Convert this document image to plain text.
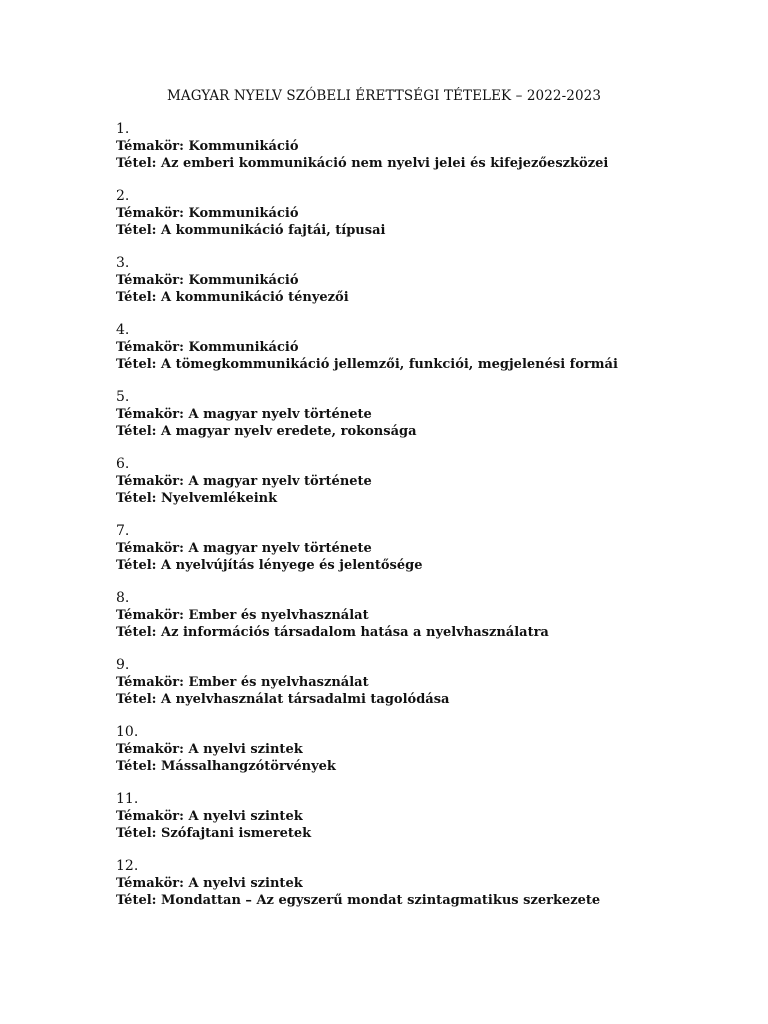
MAGYAR NYELV SZÓBELI ÉRETTSÉGI TÉTELEK – 2022-2023
1.
Témakör: Kommunikáció
Tétel: Az emberi kommunikáció nem nyelvi jelei és kifejezőeszközei
2.
Témakör: Kommunikáció
Tétel: A kommunikáció fajtái, típusai
3.
Témakör: Kommunikáció
Tétel: A kommunikáció tényezői
4.
Témakör: Kommunikáció
Tétel: A tömegkommunikáció jellemzői, funkciói, megjelenési formái
5.
Témakör: A magyar nyelv története
Tétel: A magyar nyelv eredete, rokonsága
6.
Témakör: A magyar nyelv története
Tétel: Nyelvemlékeink
7.
Témakör: A magyar nyelv története
Tétel: A nyelvújítás lényege és jelentősége
8.
Témakör: Ember és nyelvhasználat
Tétel: Az információs társadalom hatása a nyelvhasználatra
9.
Témakör: Ember és nyelvhasználat
Tétel: A nyelvhasználat társadalmi tagolódása
10.
Témakör: A nyelvi szintek
Tétel: Mássalhangzótörvények
11.
Témakör: A nyelvi szintek
Tétel: Szófajtani ismeretek
12.
Témakör: A nyelvi szintek
Tétel: Mondattan – Az egyszerű mondat szintagmatikus szerkezete
